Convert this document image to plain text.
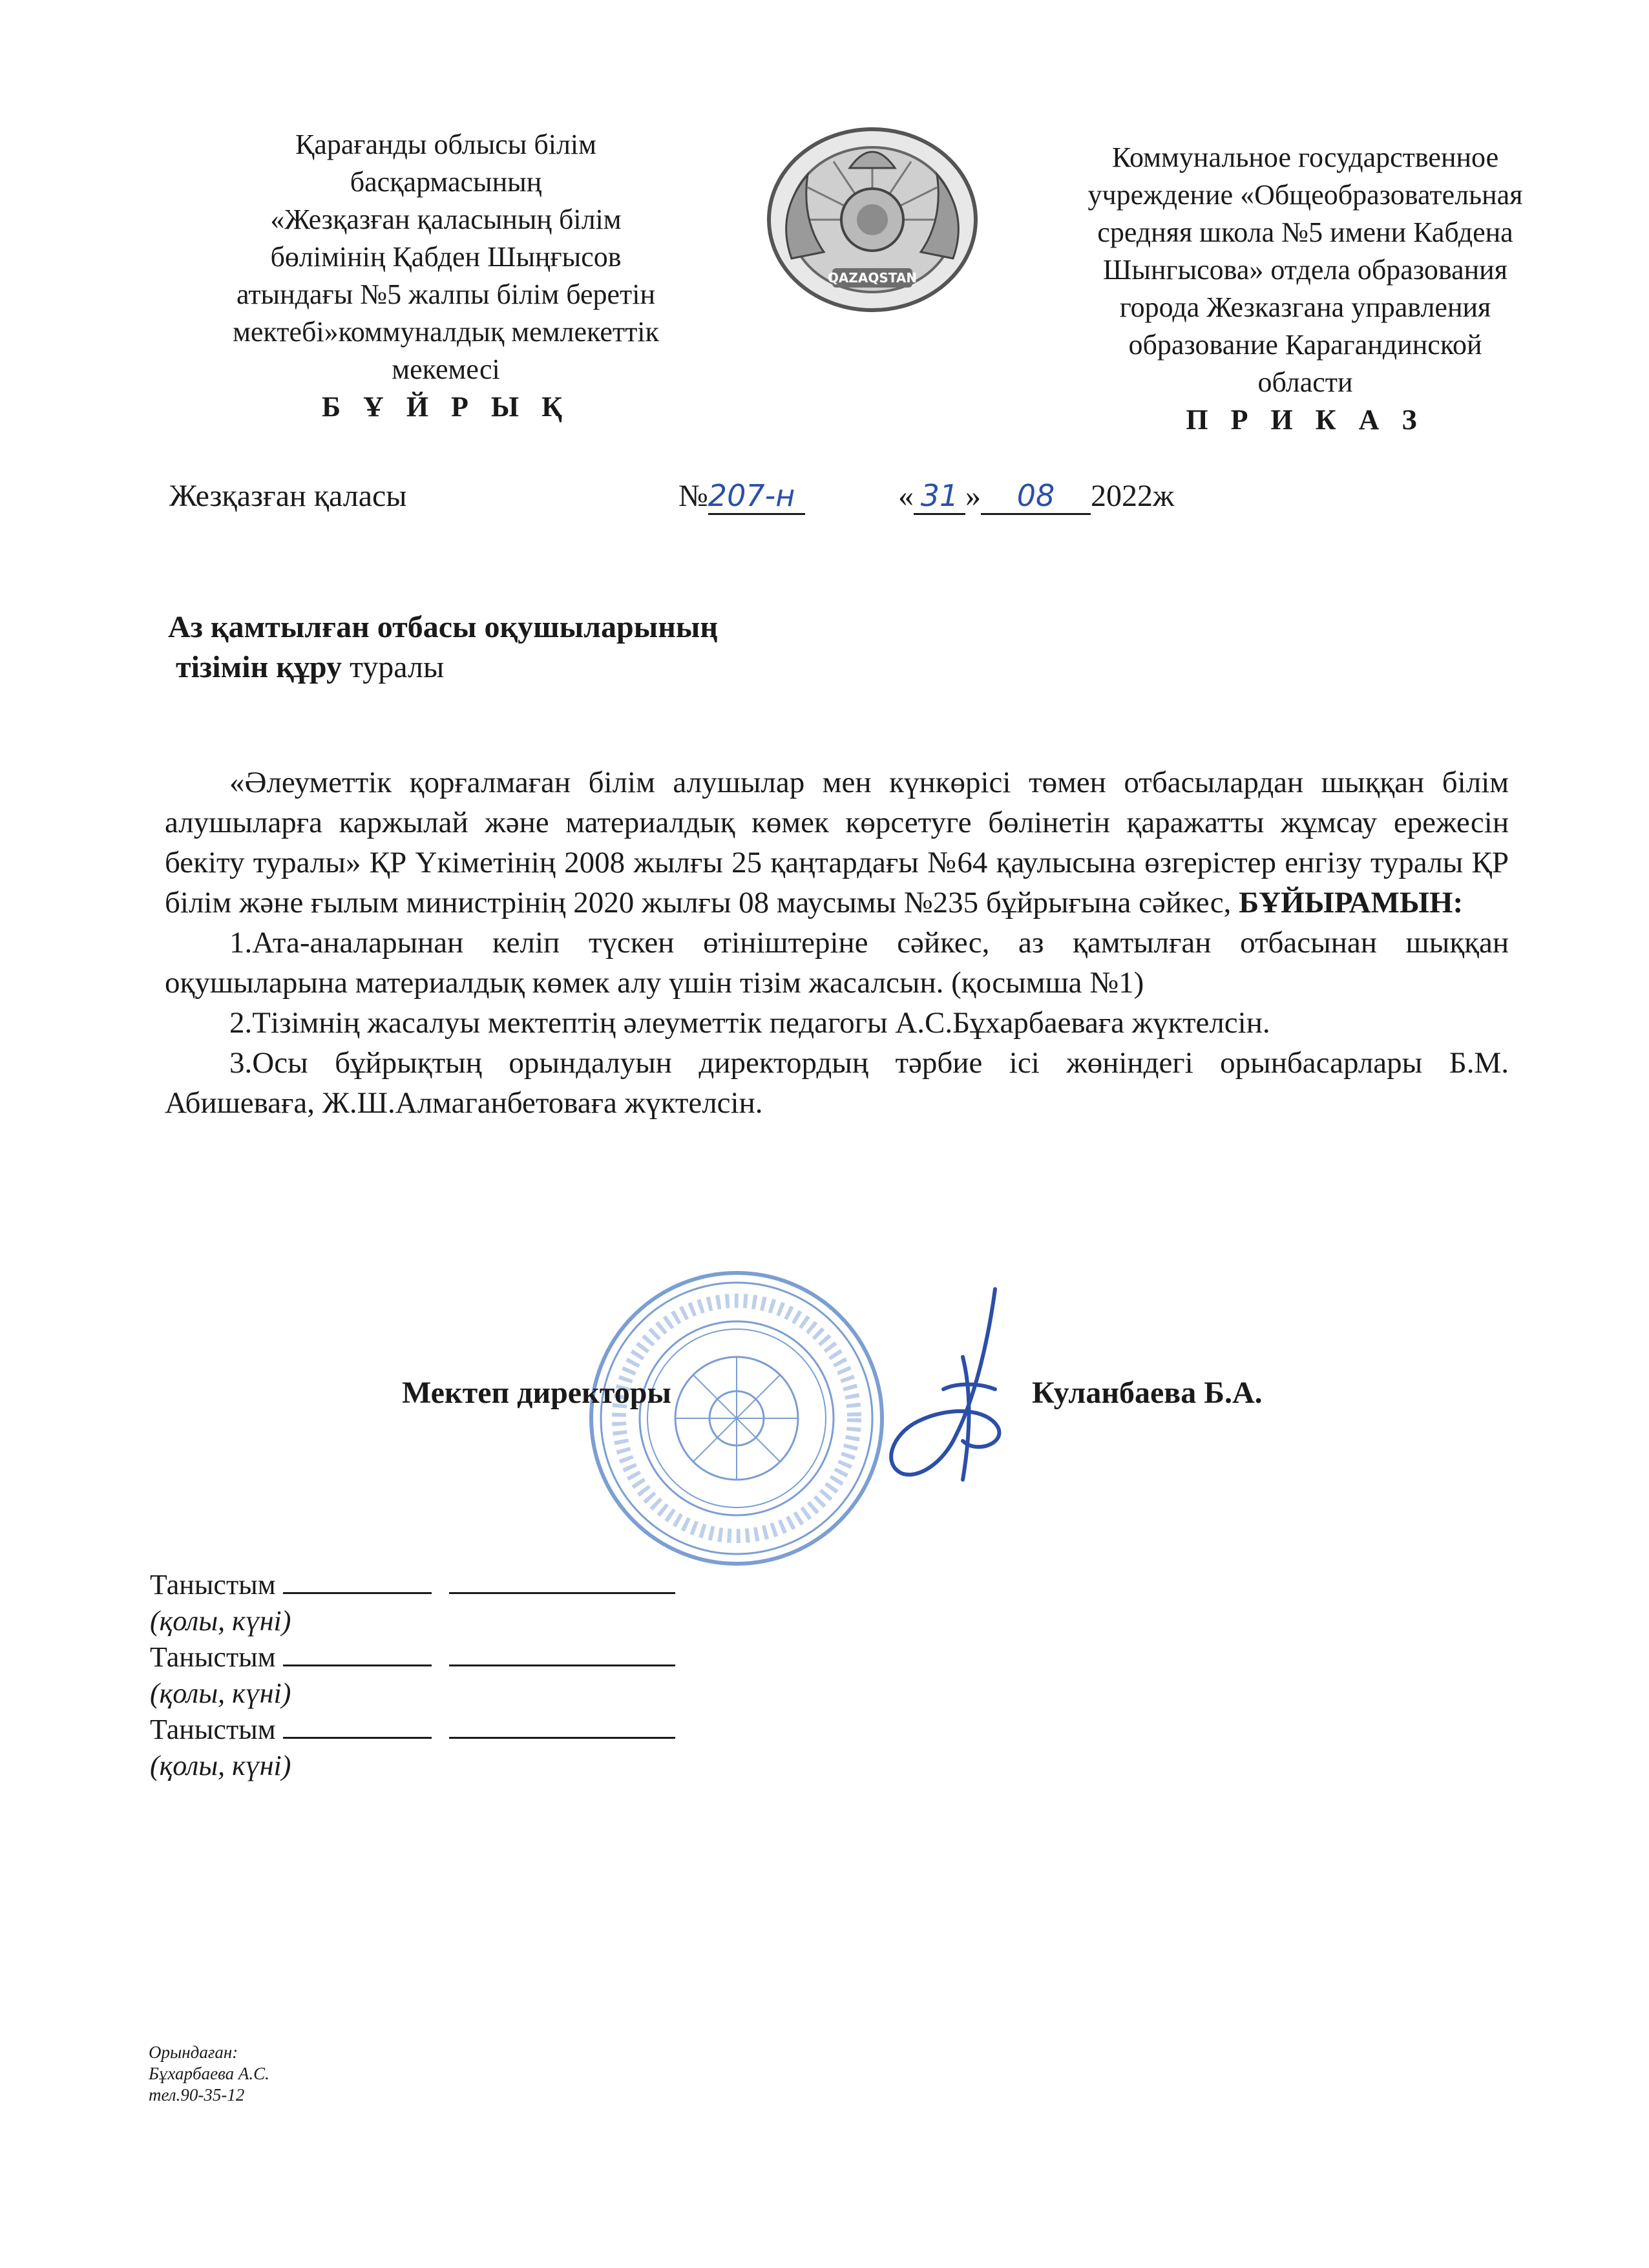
Қарағанды облысы білім
басқармасының
«Жезқазған қаласының білім
бөлімінің Қабден Шыңғысов
атындағы №5 жалпы білім беретін
мектебі»коммуналдық мемлекеттік
мекемесі
Б Ұ Й Р Ы Қ
QAZAQSTAN
Коммунальное государственное
учреждение «Общеобразовательная
средняя школа №5 имени Кабдена
Шынгысова» отдела образования
города Жезказгана управления
образование Карагандинской
области
П Р И К А З
Жезқазған қаласы	№207-н	« 31 » 08 2022ж
Аз қамтылған отбасы оқушыларының
тізімін құру туралы

«Әлеуметтік қорғалмаған білім алушылар мен күнкөрісі төмен отбасылардан шыққан білім алушыларға каржылай және материалдық көмек көрсетуге бөлінетін қаражатты жұмсау ережесін бекіту туралы» ҚР Үкіметінің 2008 жылғы 25 қаңтардағы №64 қаулысына өзгерістер енгізу туралы ҚР білім және ғылым министрінің 2020 жылғы 08 маусымы №235 бұйрығына сәйкес, БҰЙЫРАМЫН:

1.Ата-аналарынан келіп түскен өтініштеріне сәйкес, аз қамтылған отбасынан шыққан оқушыларына материалдық көмек алу үшін тізім жасалсын. (қосымша №1)

2.Тізімнің жасалуы мектептің әлеуметтік педагогы А.С.Бұхарбаеваға жүктелсін.

3.Осы бұйрықтың орындалуын директордың тәрбие ісі жөніндегі орынбасарлары Б.М. Абишеваға, Ж.Ш.Алмаганбетоваға жүктелсін.

Мектеп директоры	Куланбаева Б.А.
Таныстым
(қолы, күні)
Таныстым
(қолы, күні)
Таныстым
(қолы, күні)
Орындаған:
Бұхарбаева А.С.
тел.90-35-12
